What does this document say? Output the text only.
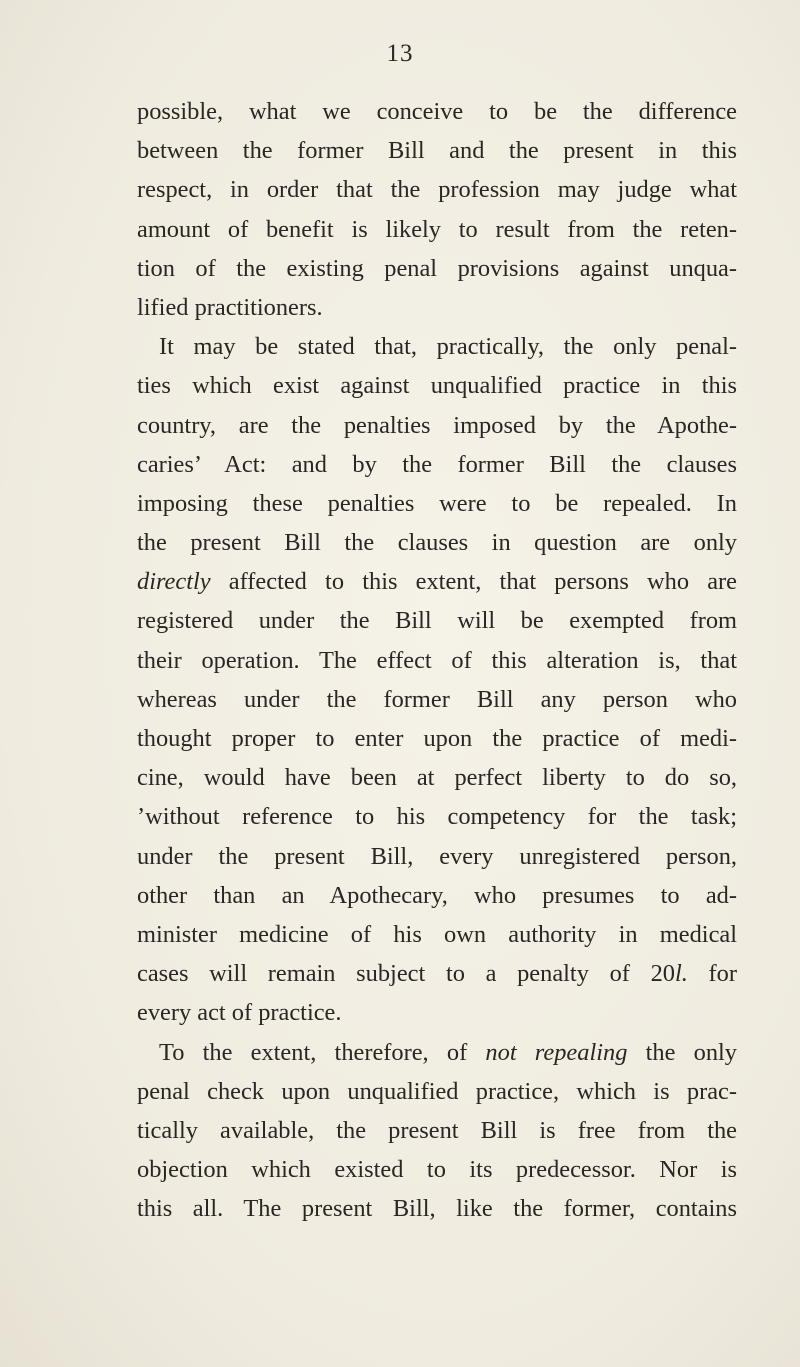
13
possible, what we conceive to be the difference
between the former Bill and the present in this
respect, in order that the profession may judge what
amount of benefit is likely to result from the reten-
tion of the existing penal provisions against unqua-
lified practitioners.
It may be stated that, practically, the only penal-
ties which exist against unqualified practice in this
country, are the penalties imposed by the Apothe-
caries’ Act: and by the former Bill the clauses
imposing these penalties were to be repealed. In
the present Bill the clauses in question are only
directly affected to this extent, that persons who are
registered under the Bill will be exempted from
their operation. The effect of this alteration is, that
whereas under the former Bill any person who
thought proper to enter upon the practice of medi-
cine, would have been at perfect liberty to do so,
ʼwithout reference to his competency for the task;
under the present Bill, every unregistered person,
other than an Apothecary, who presumes to ad-
minister medicine of his own authority in medical
cases will remain subject to a penalty of 20l. for
every act of practice.
To the extent, therefore, of not repealing the only
penal check upon unqualified practice, which is prac-
tically available, the present Bill is free from the
objection which existed to its predecessor. Nor is
this all. The present Bill, like the former, contains
